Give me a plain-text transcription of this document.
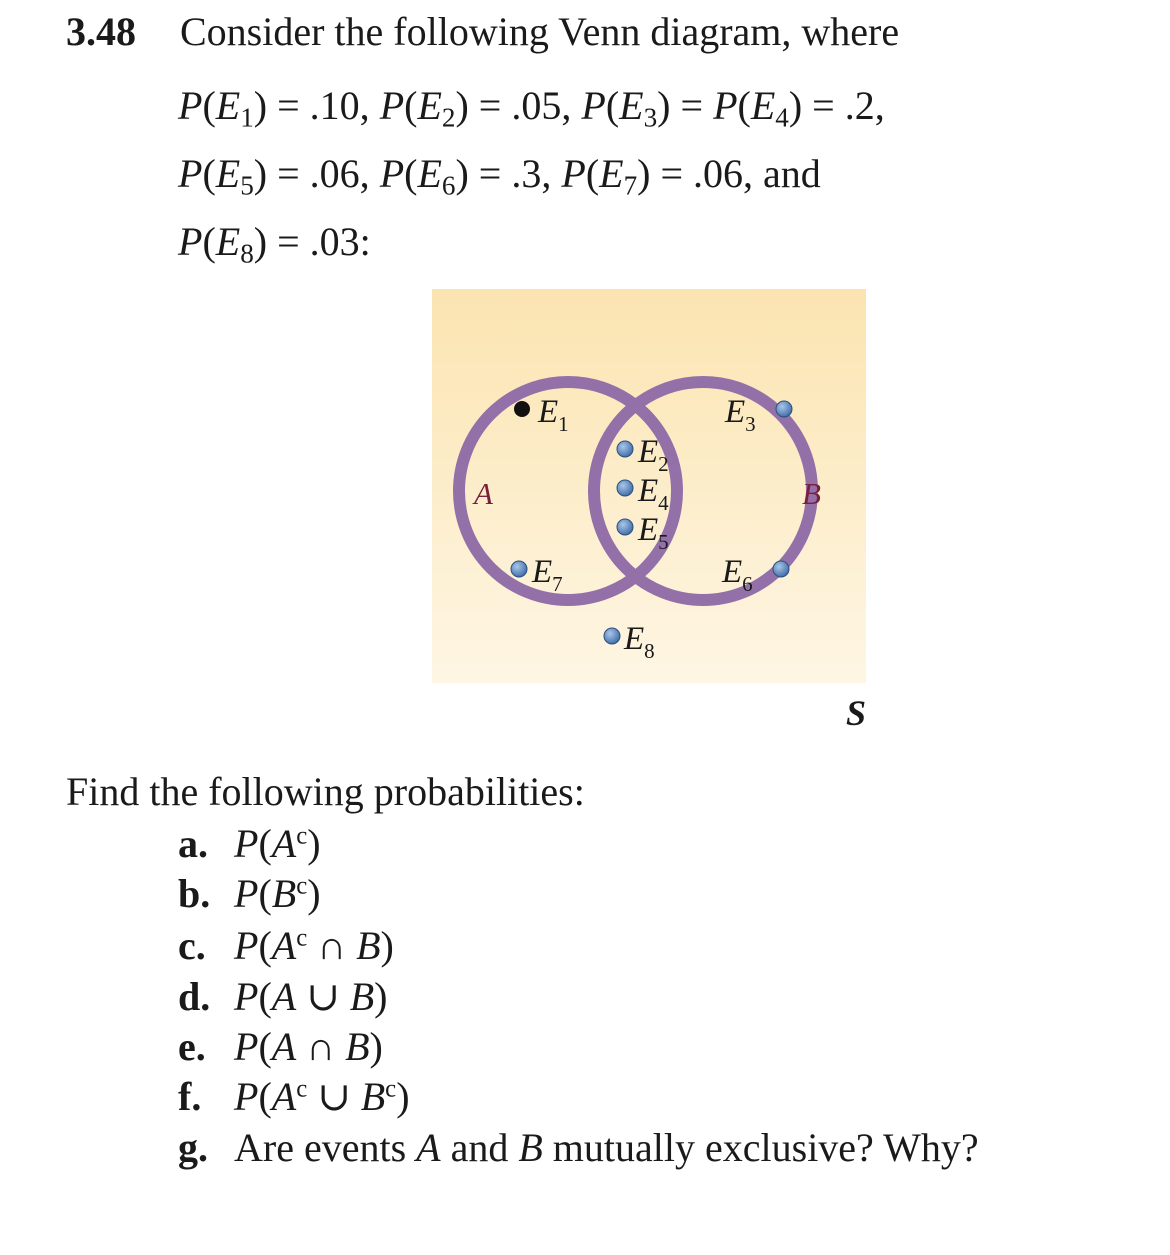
3.48 Consider the following Venn diagram, where
$P(E_1) = .10$, $P(E_2) = .05$, $P(E_3) = P(E_4) = .2$,
$P(E_5) = .06$, $P(E_6) = .3$, $P(E_7) = .06$, and
$P(E_8) = .03$:
A	B
$E_1$	$E_3$
$E_2$
$E_4$
$E_5$
$E_7$	$E_6$
$E_8$
S
Find the following probabilities:
a. $P(A^c)$
b. $P(B^c)$
c. $P(A^c$ ∩ B)
d. P(A ∪ B)
e. P(A ∩ B)
f. $P(A^c$ ∪ $B^c$)
g. Are events A and B mutually exclusive? Why?
